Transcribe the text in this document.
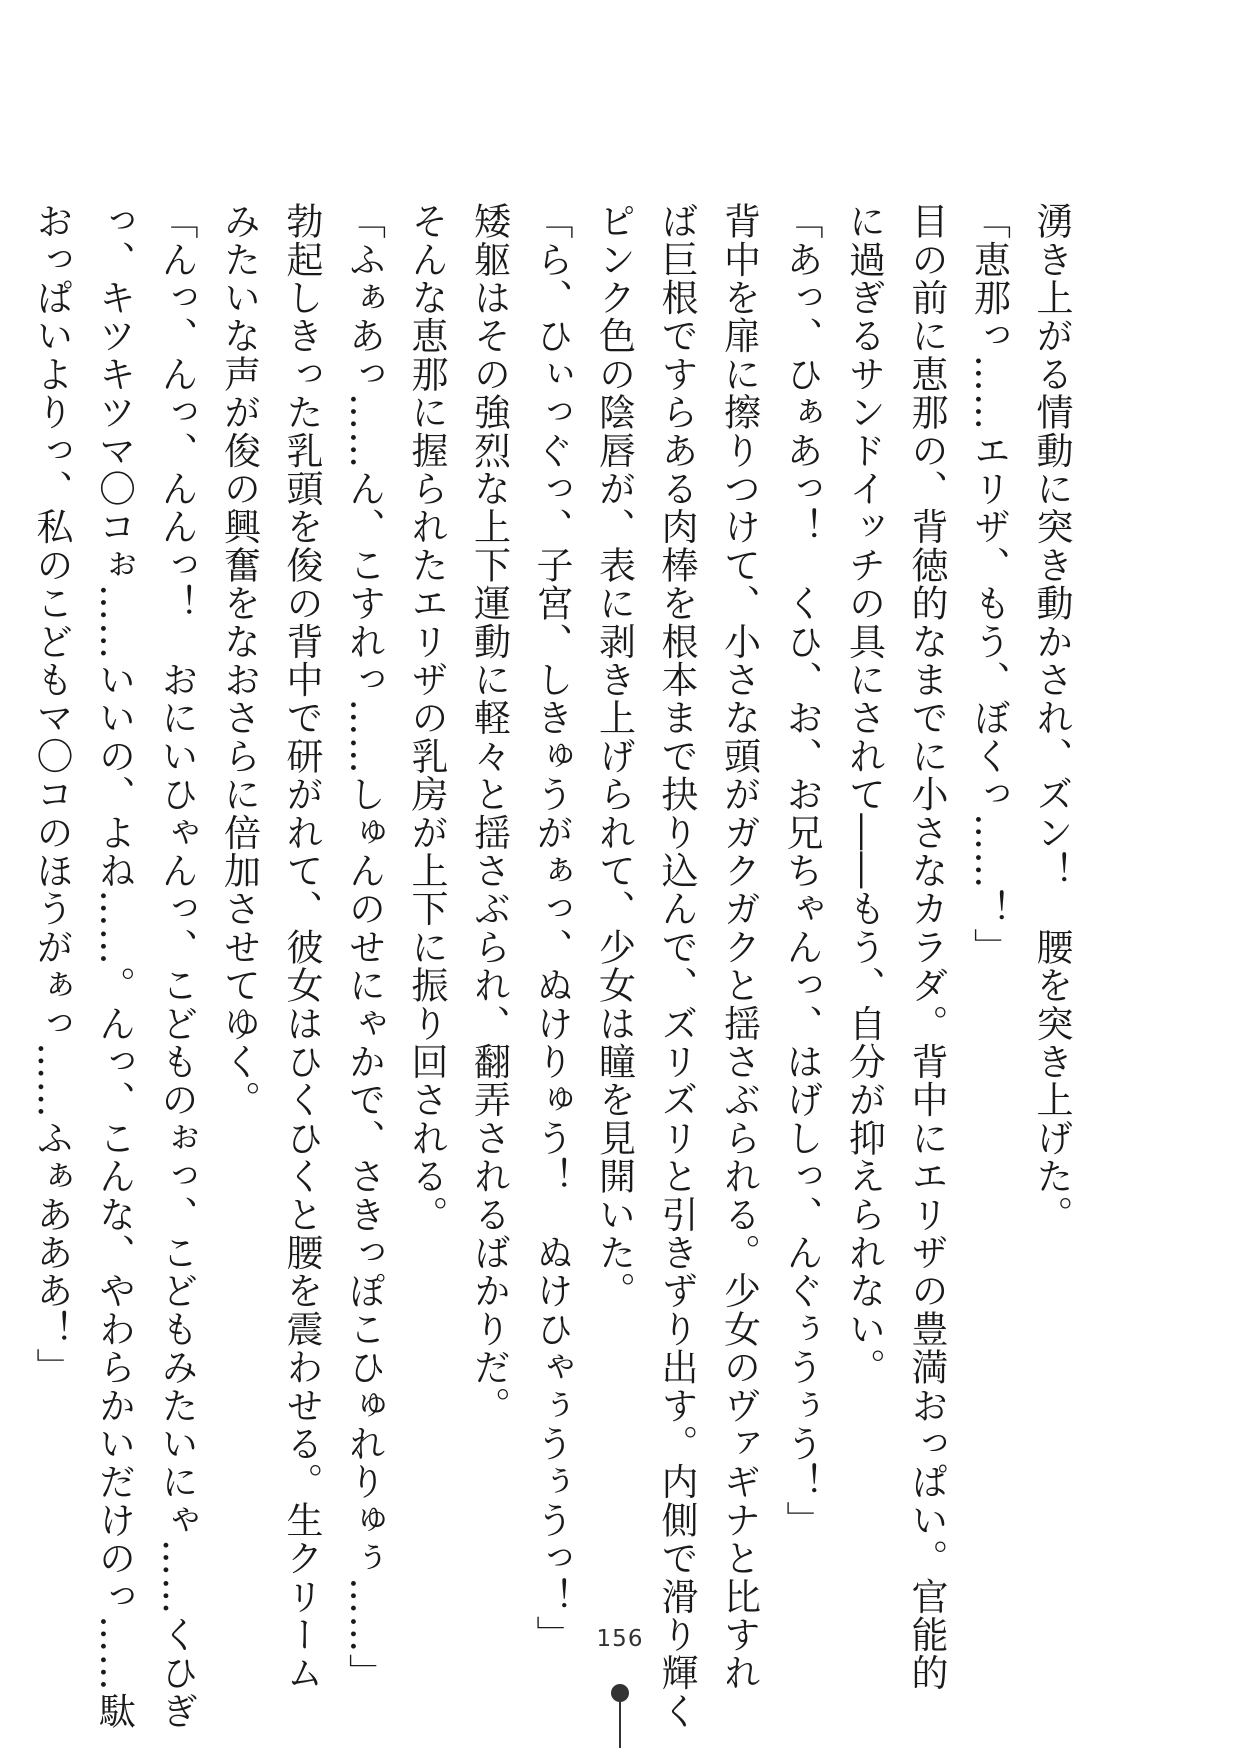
湧き上がる情動に突き動かされ、ズン！　腰を突き上げた。
「恵那っ……エリザ、もう、ぼくっ……！」
目の前に恵那の、背徳的なまでに小さなカラダ。背中にエリザの豊満おっぱい。官能的
に過ぎるサンドイッチの具にされて――もう、自分が抑えられない。
「あっ、ひぁあっ！　くひ、お、お兄ちゃんっ、はげしっ、んぐぅうぅう！」
背中を扉に擦りつけて、小さな頭がガクガクと揺さぶられる。少女のヴァギナと比すれ
ば巨根ですらある肉棒を根本まで抉り込んで、ズリズリと引きずり出す。内側で滑り輝く
ピンク色の陰唇が、表に剥き上げられて、少女は瞳を見開いた。
「ら、ひぃっぐっ、子宮、しきゅうがぁっ、ぬけりゅう！　ぬけひゃぅうぅうっ！」
矮躯はその強烈な上下運動に軽々と揺さぶられ、翻弄されるばかりだ。
そんな恵那に握られたエリザの乳房が上下に振り回される。
「ふぁあっ……ん、こすれっ……しゅんのせにゃかで、さきっぽこひゅれりゅぅ……」
勃起しきった乳頭を俊の背中で研がれて、彼女はひくひくと腰を震わせる。生クリーム
みたいな声が俊の興奮をなおさらに倍加させてゆく。
「んっ、んっ、んんっ！　おにいひゃんっ、こどものぉっ、こどもみたいにゃ……くひぎ
っ、キツキツマ〇コぉ……いいの、よね……。んっ、こんな、やわらかいだけのっ……駄
おっぱいよりっ、私のこどもマ〇コのほうがぁっ……ふぁあああ！」
156
